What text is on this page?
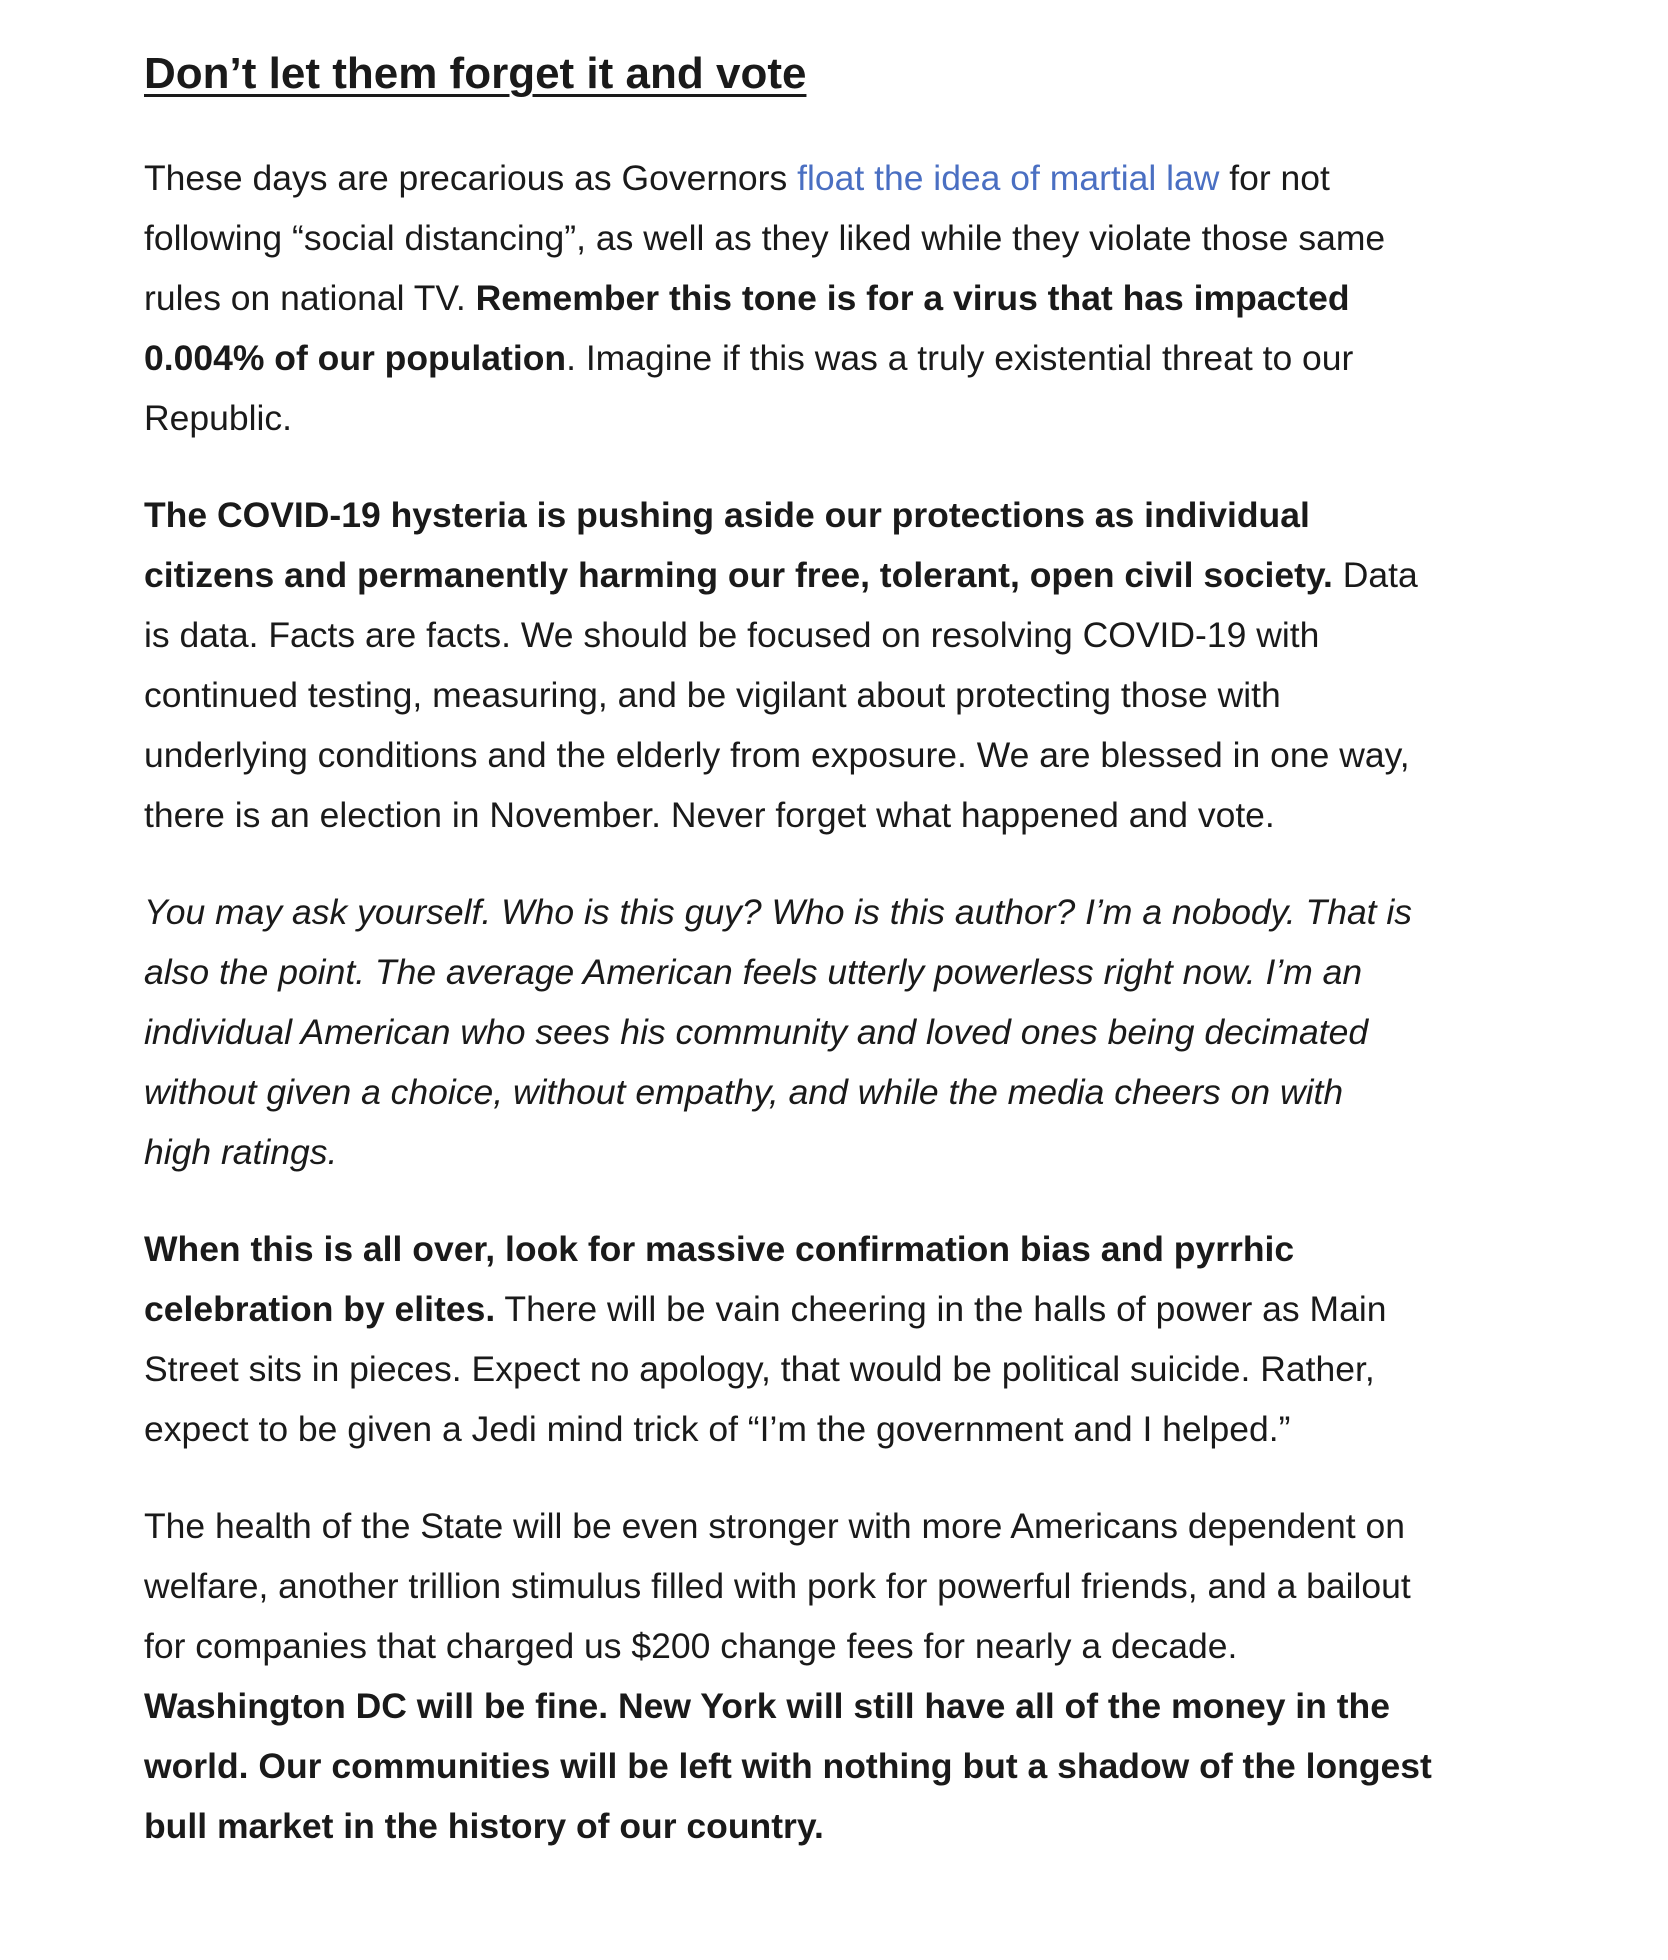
Don’t let them forget it and vote

These days are precarious as Governors float the idea of martial law for not
following “social distancing”, as well as they liked while they violate those same
rules on national TV. Remember this tone is for a virus that has impacted
0.004% of our population. Imagine if this was a truly existential threat to our
Republic.

The COVID-19 hysteria is pushing aside our protections as individual
citizens and permanently harming our free, tolerant, open civil society. Data
is data. Facts are facts. We should be focused on resolving COVID-19 with
continued testing, measuring, and be vigilant about protecting those with
underlying conditions and the elderly from exposure. We are blessed in one way,
there is an election in November. Never forget what happened and vote.

You may ask yourself. Who is this guy? Who is this author? I’m a nobody. That is
also the point. The average American feels utterly powerless right now. I’m an
individual American who sees his community and loved ones being decimated
without given a choice, without empathy, and while the media cheers on with
high ratings.

When this is all over, look for massive confirmation bias and pyrrhic
celebration by elites. There will be vain cheering in the halls of power as Main
Street sits in pieces. Expect no apology, that would be political suicide. Rather,
expect to be given a Jedi mind trick of “I’m the government and I helped.”

The health of the State will be even stronger with more Americans dependent on
welfare, another trillion stimulus filled with pork for powerful friends, and a bailout
for companies that charged us $200 change fees for nearly a decade.
Washington DC will be fine. New York will still have all of the money in the
world. Our communities will be left with nothing but a shadow of the longest
bull market in the history of our country.
